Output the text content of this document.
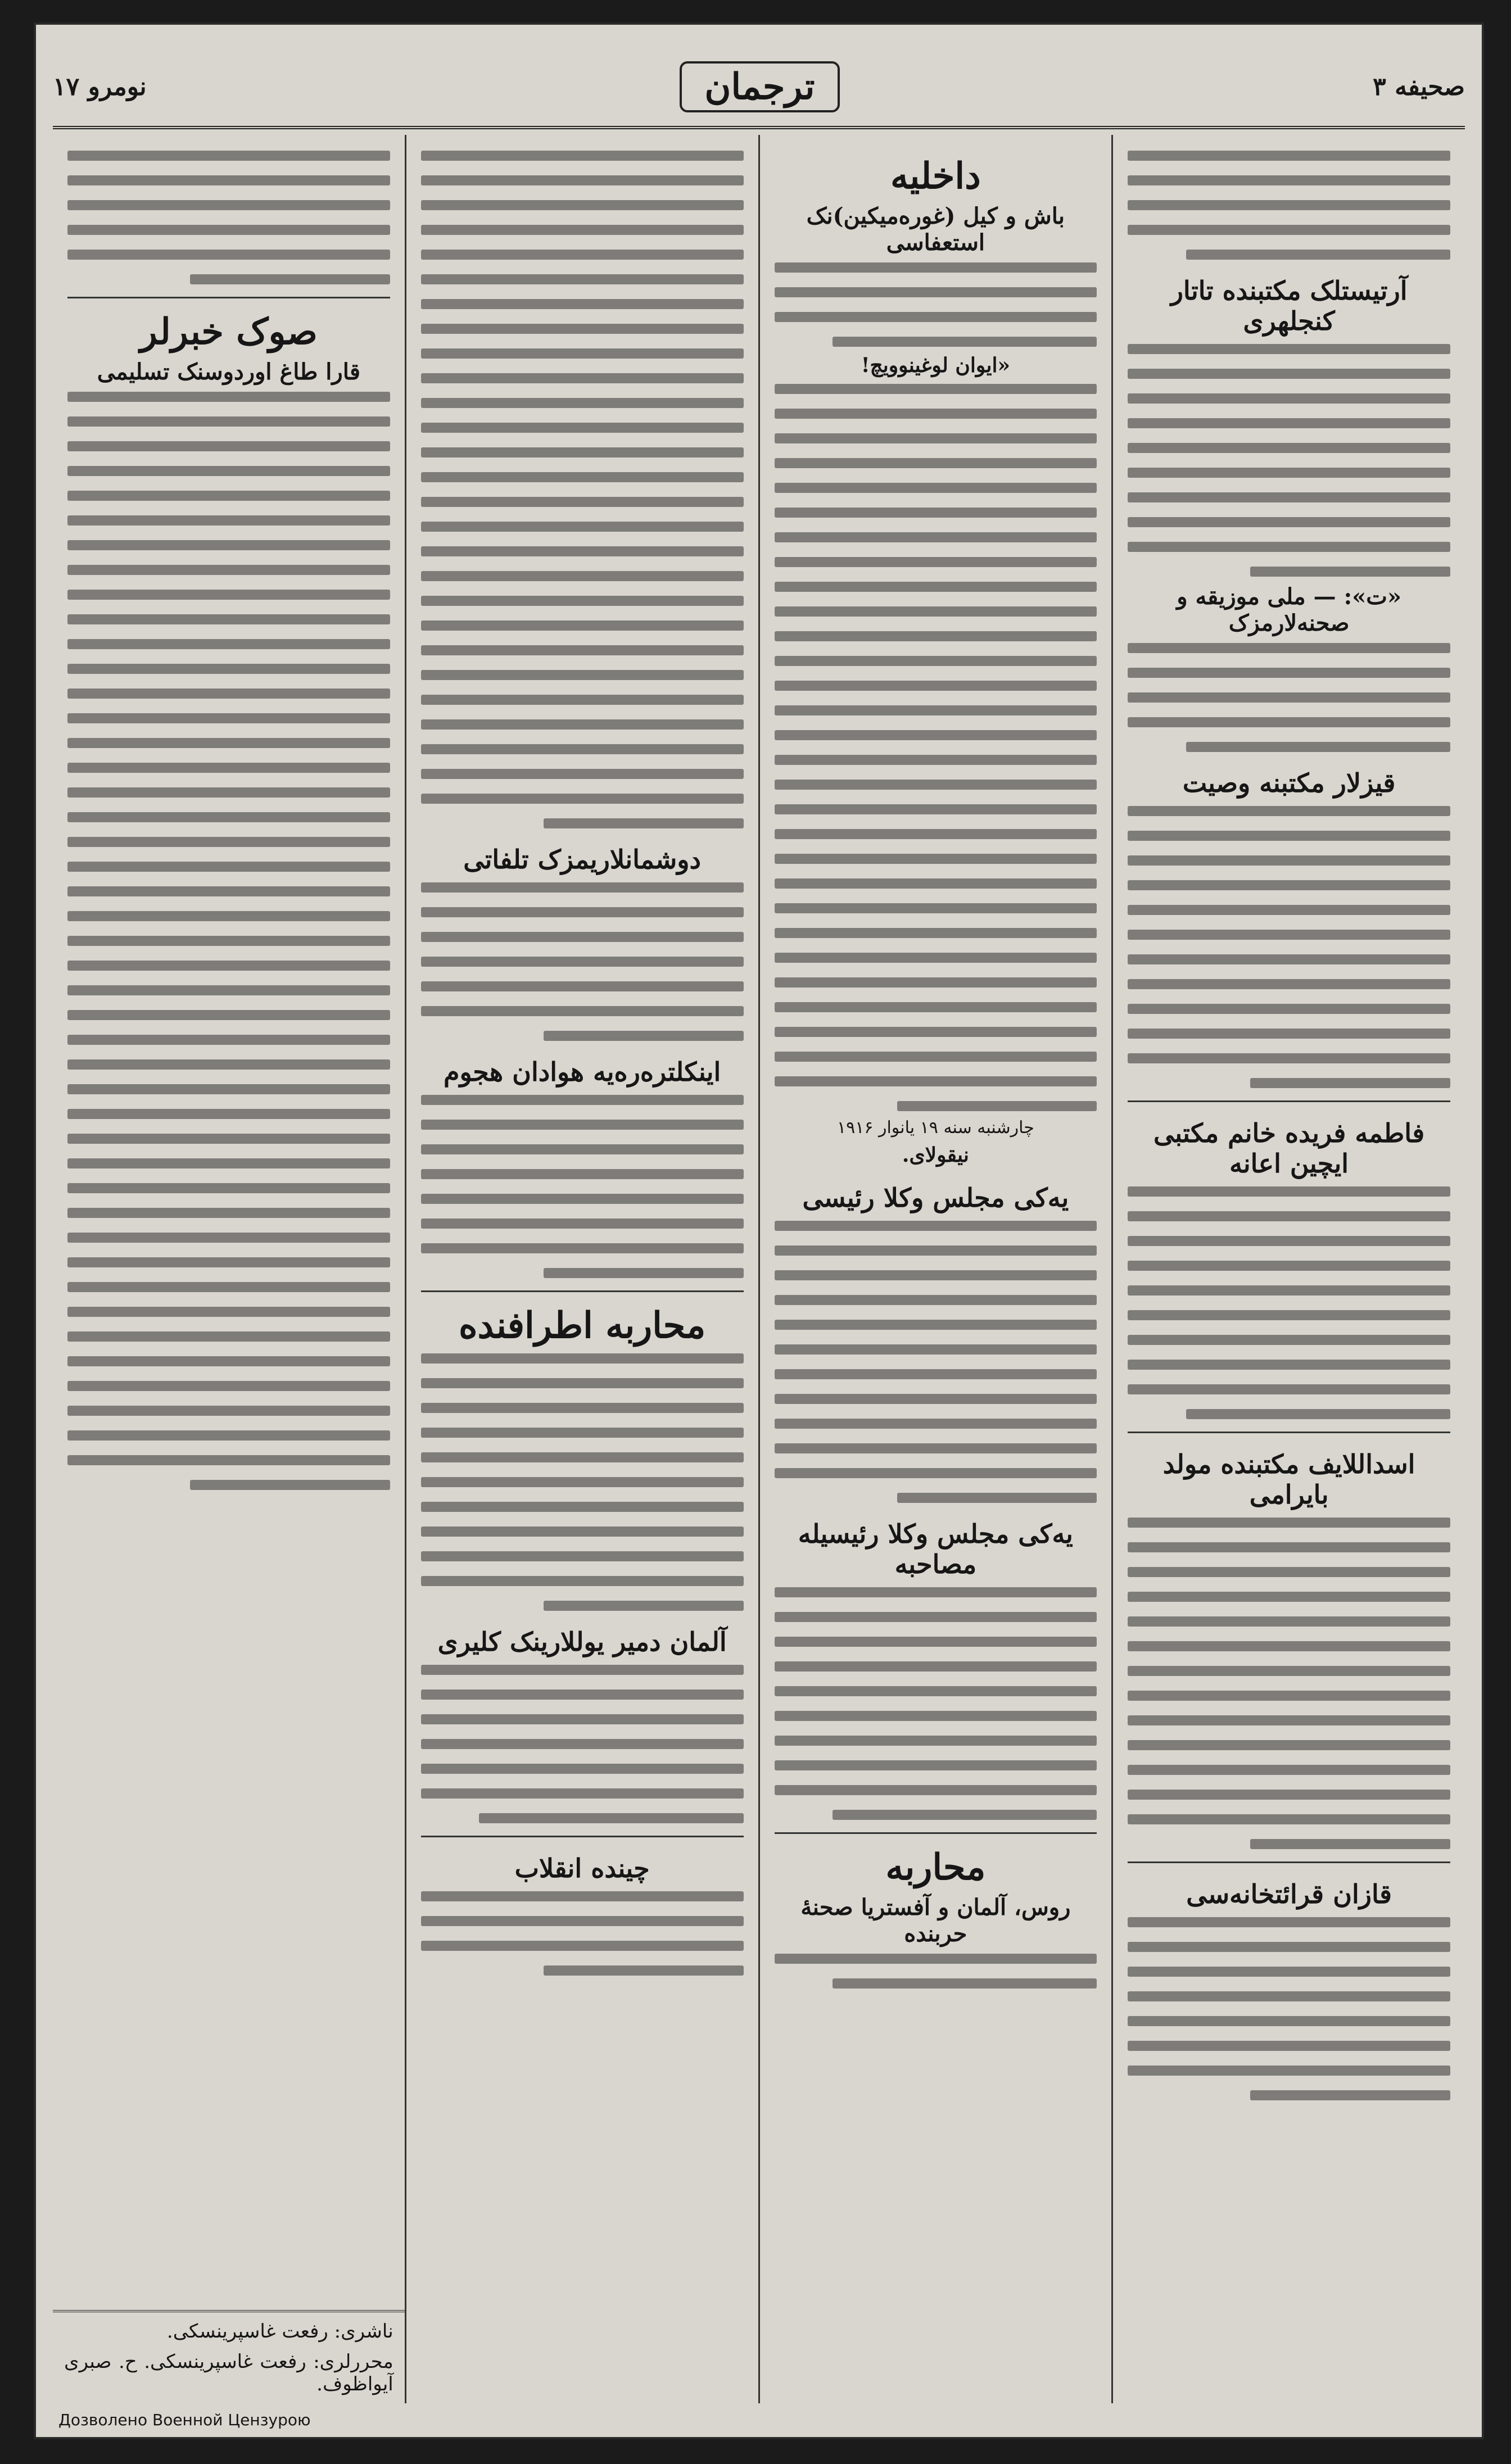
صحیفه ۳
ترجمان
نومرو ۱۷
آرتیستلک مکتبنده تاتار کنجلهری
«ت»: — ملی موزیقه و صحنه‌لارمزک
قیزلار مکتبنه وصیت
فاطمه فریده خانم مکتبی ایچین اعانه
اسداللایف مکتبنده مولد بایرامی
قازان قرائتخانه‌سی
داخلیه
باش و کیل (غوره‌میکین)‌نک استعفاسی
«ایوان لوغینوویچ!
چارشنبه سنه ۱۹ یانوار ۱۹۱۶
نیقولای.
یه‌کی مجلس وکلا رئیسی
یه‌کی مجلس وکلا رئیسیله مصاحبه
محاربه
روس، آلمان و آفستریا صحنهٔ حربنده
دوشمانلاریمزک تلفاتی
اینکلتره‌ره‌یه هوادان هجوم
محاربه اطرافنده
آلمان دمیر یوللارینک کلیری
چینده انقلاب
صوک خبرلر
قارا طاغ اوردوسنک تسلیمی
ناشری: رفعت غاسپرینسکی.
محررلری: رفعت غاسپرینسکی. ح. صبری آیواظوف.
Дозволено Военной Цензурою
